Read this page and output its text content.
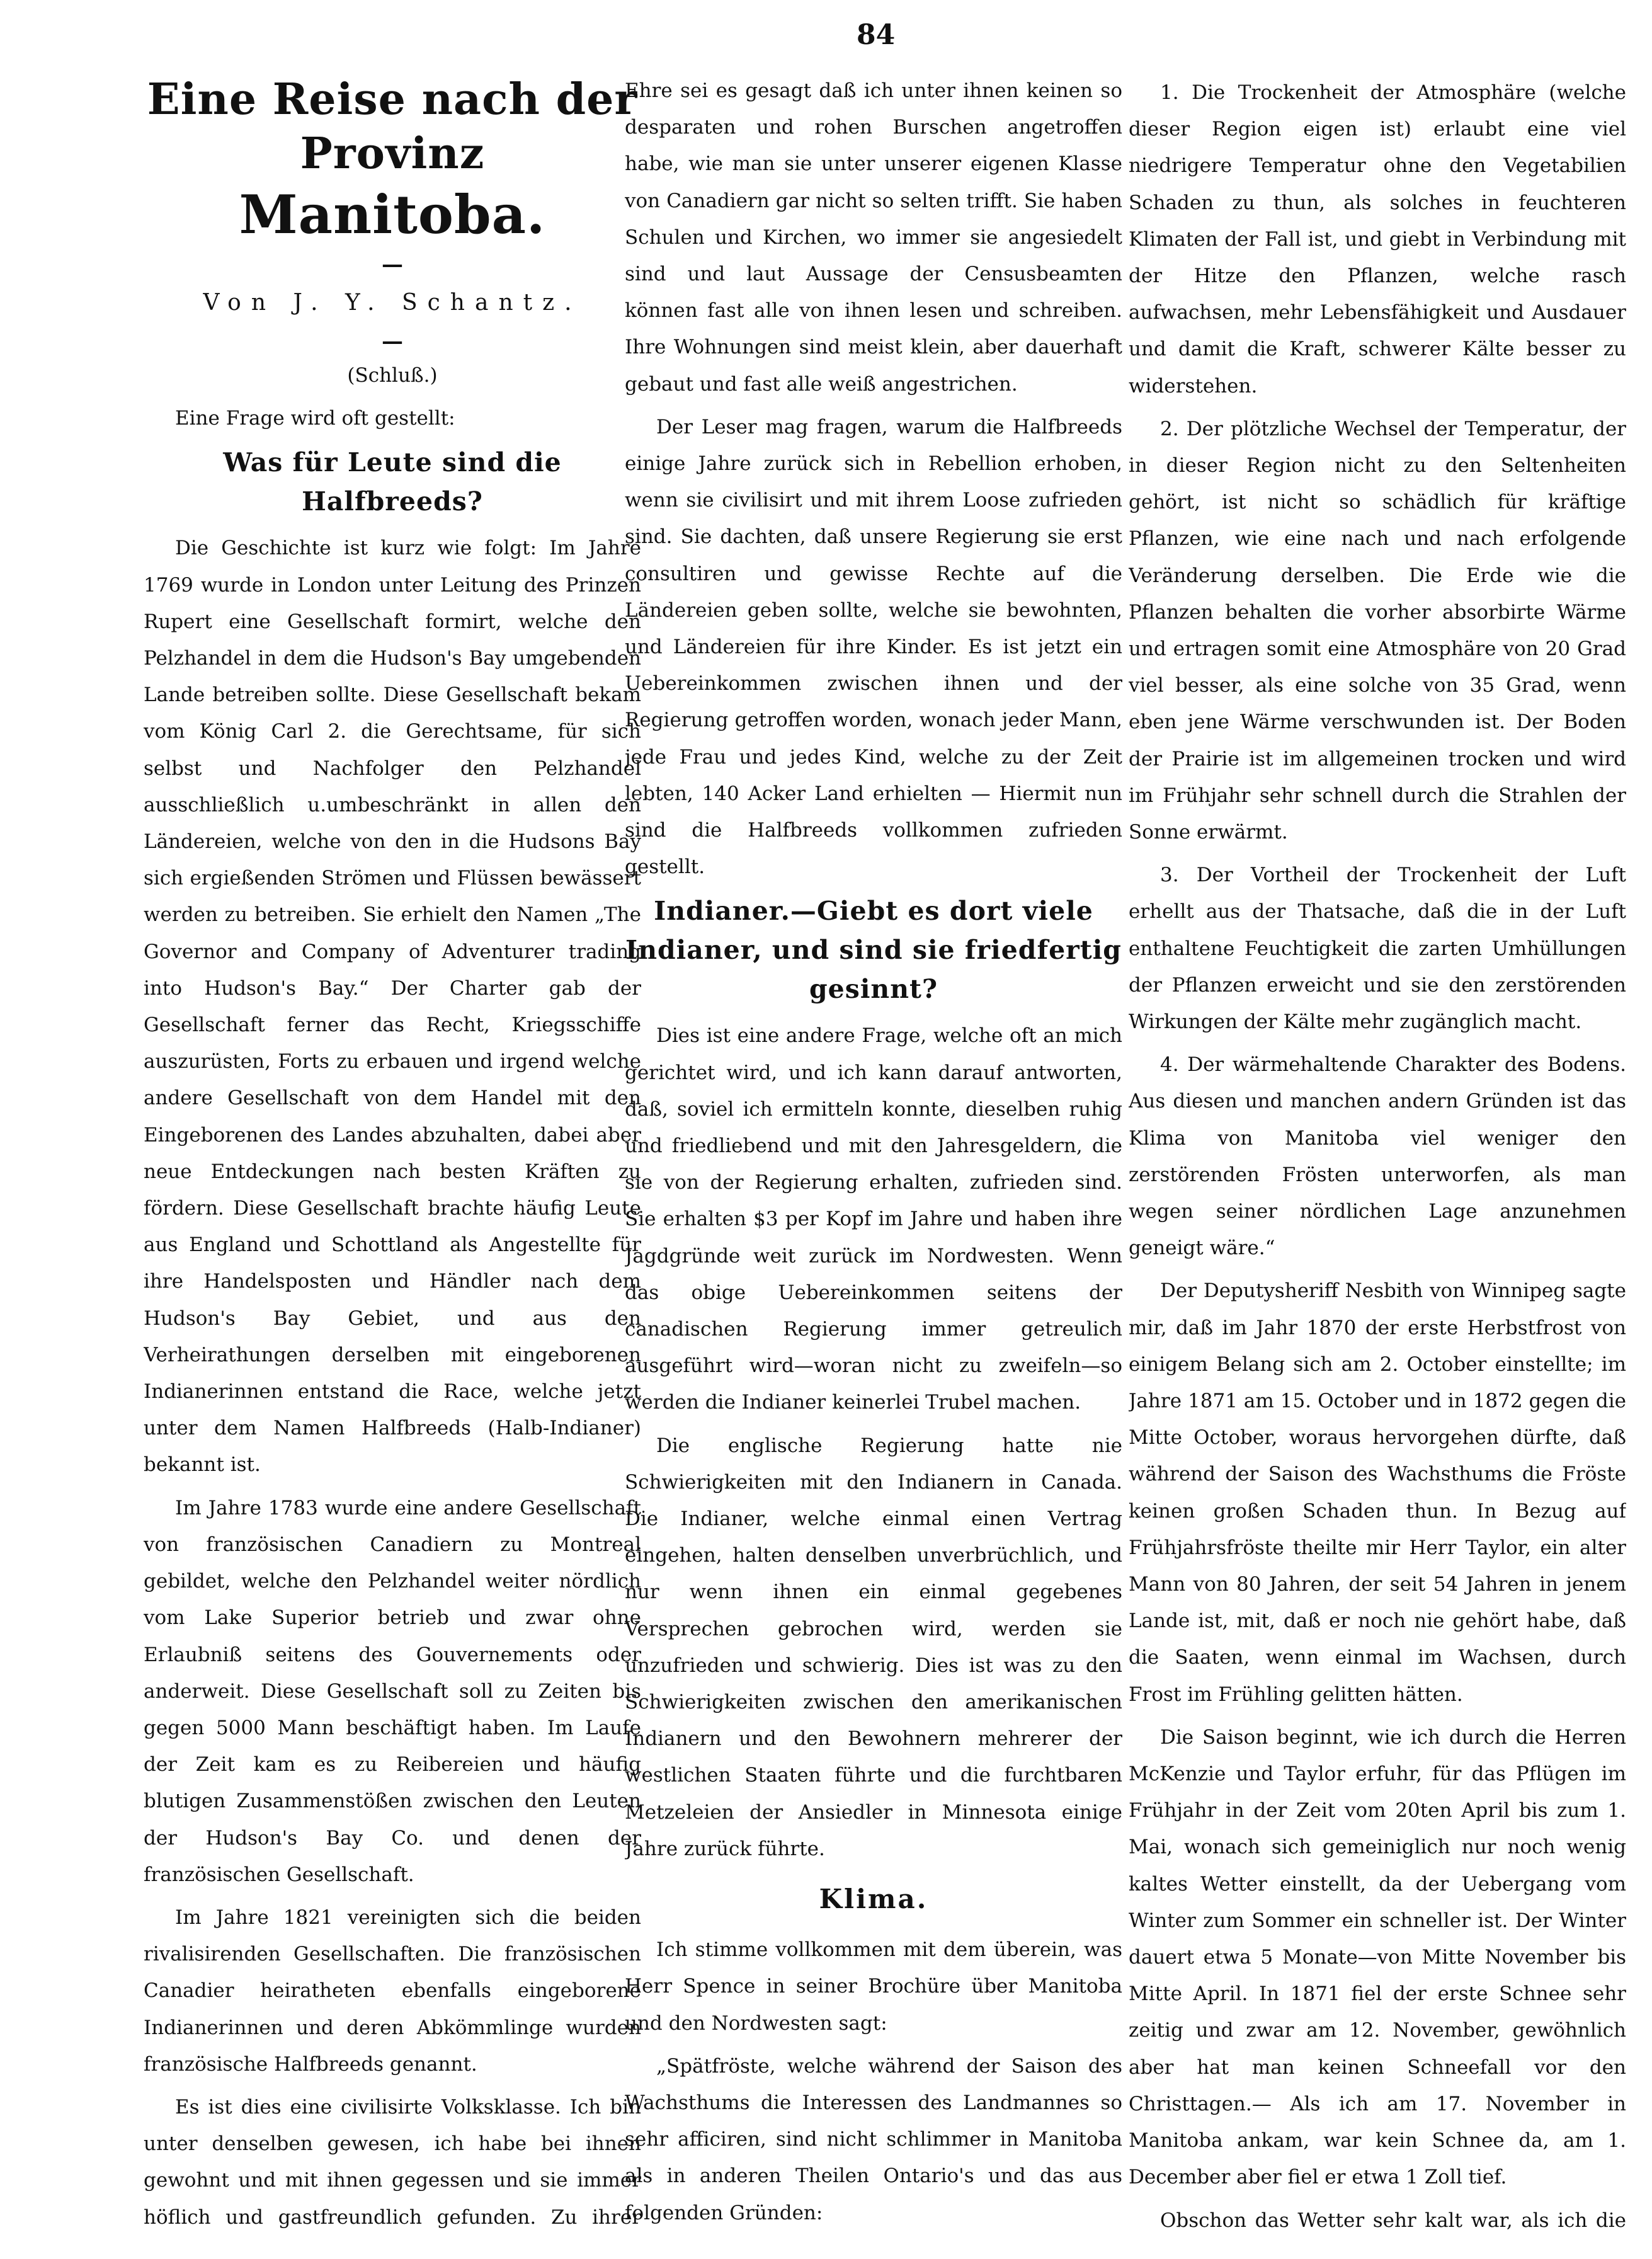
84
Eine Reise nach der Provinz
Manitoba.
—
Von J. Y. Schantz.
—

(Schluß.)

Eine Frage wird oft gestellt:

Was für Leute sind die Halfbreeds?

Die Geschichte ist kurz wie folgt: Im Jahre 1769 wurde in London unter Leitung des Prinzen Rupert eine Gesellschaft formirt, welche den Pelzhandel in dem die Hudson's Bay umgebenden Lande betreiben sollte. Diese Gesellschaft bekam vom König Carl 2. die Gerechtsame, für sich selbst und Nachfolger den Pelzhandel ausschließlich u.umbeschränkt in allen den Ländereien, welche von den in die Hudsons Bay sich ergießenden Strömen und Flüssen bewässert werden zu betreiben. Sie erhielt den Namen „The Governor and Company of Adventurer trading into Hudson's Bay.“ Der Charter gab der Gesellschaft ferner das Recht, Kriegsschiffe auszurüsten, Forts zu erbauen und irgend welche andere Gesellschaft von dem Handel mit den Eingeborenen des Landes abzuhalten, dabei aber neue Entdeckungen nach besten Kräften zu fördern. Diese Gesellschaft brachte häufig Leute aus England und Schottland als Angestellte für ihre Handelsposten und Händler nach dem Hudson's Bay Gebiet, und aus den Verheirathungen derselben mit eingeborenen Indianerinnen entstand die Race, welche jetzt unter dem Namen Halfbreeds (Halb-Indianer) bekannt ist.

Im Jahre 1783 wurde eine andere Gesellschaft von französischen Canadiern zu Montreal gebildet, welche den Pelzhandel weiter nördlich vom Lake Superior betrieb und zwar ohne Erlaubniß seitens des Gouvernements oder anderweit. Diese Gesellschaft soll zu Zeiten bis gegen 5000 Mann beschäftigt haben. Im Laufe der Zeit kam es zu Reibereien und häufig blutigen Zusammenstößen zwischen den Leuten der Hudson's Bay Co. und denen der französischen Gesellschaft.

Im Jahre 1821 vereinigten sich die beiden rivalisirenden Gesellschaften. Die französischen Canadier heiratheten ebenfalls eingeborene Indianerinnen und deren Abkömmlinge wurden französische Halfbreeds genannt.

Es ist dies eine civilisirte Volksklasse. Ich bin unter denselben gewesen, ich habe bei ihnen gewohnt und mit ihnen gegessen und sie immer höflich und gastfreundlich gefunden. Zu ihrer

Ehre sei es gesagt daß ich unter ihnen keinen so desparaten und rohen Burschen angetroffen habe, wie man sie unter unserer eigenen Klasse von Canadiern gar nicht so selten trifft. Sie haben Schulen und Kirchen, wo immer sie angesiedelt sind und laut Aussage der Censusbeamten können fast alle von ihnen lesen und schreiben. Ihre Wohnungen sind meist klein, aber dauerhaft gebaut und fast alle weiß angestrichen.

Der Leser mag fragen, warum die Halfbreeds einige Jahre zurück sich in Rebellion erhoben, wenn sie civilisirt und mit ihrem Loose zufrieden sind. Sie dachten, daß unsere Regierung sie erst consultiren und gewisse Rechte auf die Ländereien geben sollte, welche sie bewohnten, und Ländereien für ihre Kinder. Es ist jetzt ein Uebereinkommen zwischen ihnen und der Regierung getroffen worden, wonach jeder Mann, jede Frau und jedes Kind, welche zu der Zeit lebten, 140 Acker Land erhielten — Hiermit nun sind die Halfbreeds vollkommen zufrieden gestellt.

Indianer.—Giebt es dort viele Indianer, und sind sie friedfertig gesinnt?

Dies ist eine andere Frage, welche oft an mich gerichtet wird, und ich kann darauf antworten, daß, soviel ich ermitteln konnte, dieselben ruhig und friedliebend und mit den Jahresgeldern, die sie von der Regierung erhalten, zufrieden sind. Sie erhalten $3 per Kopf im Jahre und haben ihre Jagdgründe weit zurück im Nordwesten. Wenn das obige Uebereinkommen seitens der canadischen Regierung immer getreulich ausgeführt wird—woran nicht zu zweifeln—so werden die Indianer keinerlei Trubel machen.

Die englische Regierung hatte nie Schwierigkeiten mit den Indianern in Canada. Die Indianer, welche einmal einen Vertrag eingehen, halten denselben unverbrüchlich, und nur wenn ihnen ein einmal gegebenes Versprechen gebrochen wird, werden sie unzufrieden und schwierig. Dies ist was zu den Schwierigkeiten zwischen den amerikanischen Indianern und den Bewohnern mehrerer der westlichen Staaten führte und die furchtbaren Metzeleien der Ansiedler in Minnesota einige Jahre zurück führte.

Klima.

Ich stimme vollkommen mit dem überein, was Herr Spence in seiner Brochüre über Manitoba und den Nordwesten sagt:

„Spätfröste, welche während der Saison des Wachsthums die Interessen des Landmannes so sehr afficiren, sind nicht schlimmer in Manitoba als in anderen Theilen Ontario's und das aus folgenden Gründen:

1. Die Trockenheit der Atmosphäre (welche dieser Region eigen ist) erlaubt eine viel niedrigere Temperatur ohne den Vegetabilien Schaden zu thun, als solches in feuchteren Klimaten der Fall ist, und giebt in Verbindung mit der Hitze den Pflanzen, welche rasch aufwachsen, mehr Lebensfähigkeit und Ausdauer und damit die Kraft, schwerer Kälte besser zu widerstehen.

2. Der plötzliche Wechsel der Temperatur, der in dieser Region nicht zu den Seltenheiten gehört, ist nicht so schädlich für kräftige Pflanzen, wie eine nach und nach erfolgende Veränderung derselben. Die Erde wie die Pflanzen behalten die vorher absorbirte Wärme und ertragen somit eine Atmosphäre von 20 Grad viel besser, als eine solche von 35 Grad, wenn eben jene Wärme verschwunden ist. Der Boden der Prairie ist im allgemeinen trocken und wird im Frühjahr sehr schnell durch die Strahlen der Sonne erwärmt.

3. Der Vortheil der Trockenheit der Luft erhellt aus der Thatsache, daß die in der Luft enthaltene Feuchtigkeit die zarten Umhüllungen der Pflanzen erweicht und sie den zerstörenden Wirkungen der Kälte mehr zugänglich macht.

4. Der wärmehaltende Charakter des Bodens. Aus diesen und manchen andern Gründen ist das Klima von Manitoba viel weniger den zerstörenden Frösten unterworfen, als man wegen seiner nördlichen Lage anzunehmen geneigt wäre.“

Der Deputysheriff Nesbith von Winnipeg sagte mir, daß im Jahr 1870 der erste Herbstfrost von einigem Belang sich am 2. October einstellte; im Jahre 1871 am 15. October und in 1872 gegen die Mitte October, woraus hervorgehen dürfte, daß während der Saison des Wachsthums die Fröste keinen großen Schaden thun. In Bezug auf Frühjahrsfröste theilte mir Herr Taylor, ein alter Mann von 80 Jahren, der seit 54 Jahren in jenem Lande ist, mit, daß er noch nie gehört habe, daß die Saaten, wenn einmal im Wachsen, durch Frost im Frühling gelitten hätten.

Die Saison beginnt, wie ich durch die Herren McKenzie und Taylor erfuhr, für das Pflügen im Frühjahr in der Zeit vom 20ten April bis zum 1. Mai, wonach sich gemeiniglich nur noch wenig kaltes Wetter einstellt, da der Uebergang vom Winter zum Sommer ein schneller ist. Der Winter dauert etwa 5 Monate—von Mitte November bis Mitte April. In 1871 fiel der erste Schnee sehr zeitig und zwar am 12. November, gewöhnlich aber hat man keinen Schneefall vor den Christtagen.— Als ich am 17. November in Manitoba ankam, war kein Schnee da, am 1. December aber fiel er etwa 1 Zoll tief.

Obschon das Wetter sehr kalt war, als ich die
